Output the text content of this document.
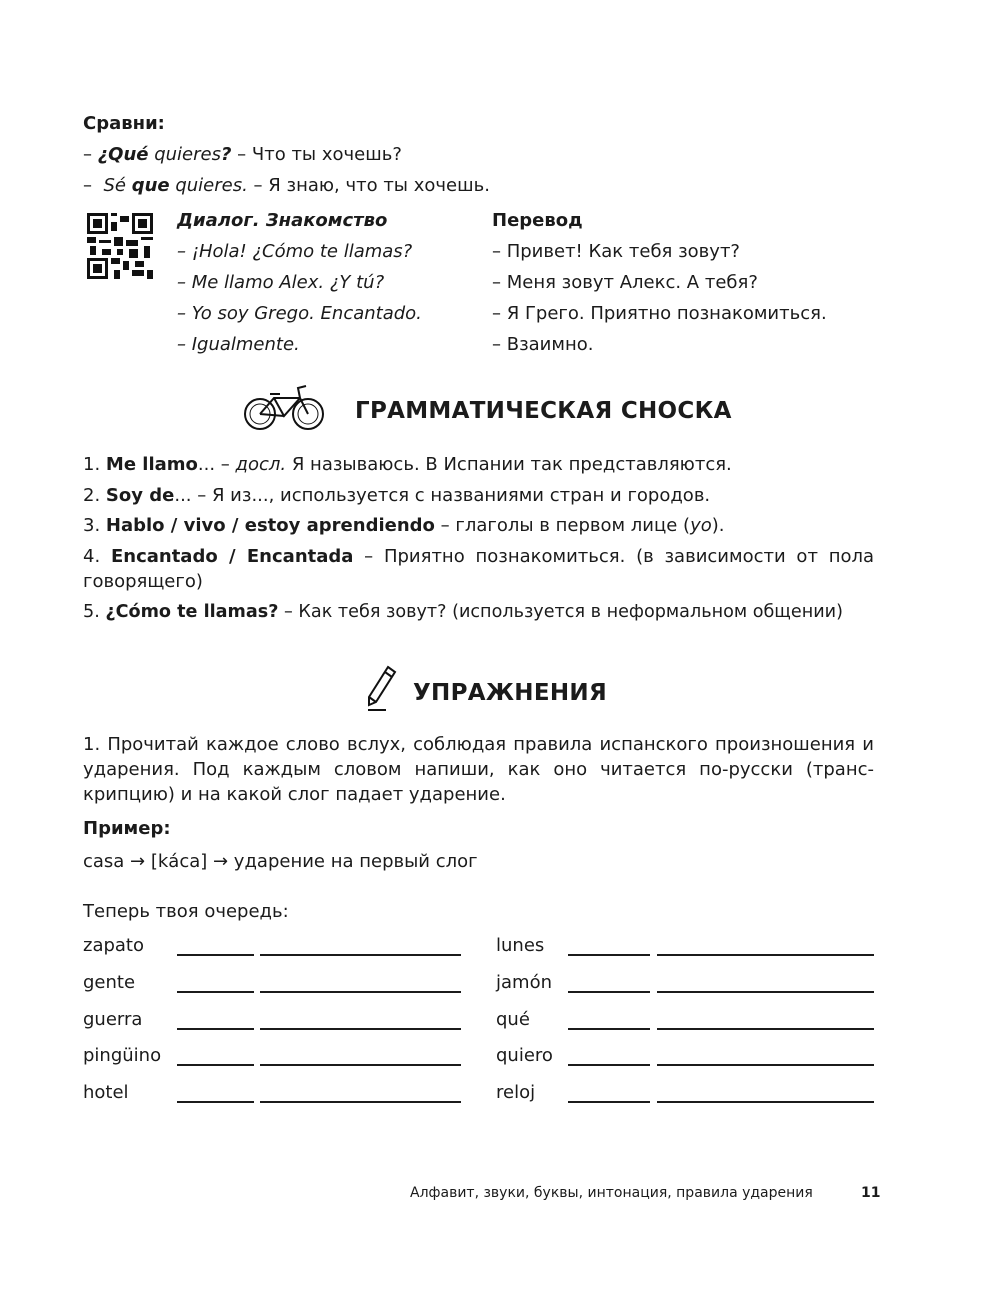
Сравни:
– ¿Qué quieres? – Что ты хочешь?
– Sé que quieres. – Я знаю, что ты хочешь.
Диалог. Знакомство	Перевод
– ¡Hola! ¿Cómo te llamas?
– Me llamo Alex. ¿Y tú?
– Yo soy Grego. Encantado.
– Igualmente.
– Привет! Как тебя зовут?
– Меня зовут Алекс. А тебя?
– Я Грего. Приятно познакомиться.
– Взаимно.
ГРАММАТИЧЕСКАЯ СНОСКА
1. Me llamo... – досл. Я называюсь. В Испании так представляются.
2. Soy de... – Я из..., используется с названиями стран и городов.
3. Hablo / vivo / estoy aprendiendo – глаголы в первом лице (yo).
4. Encantado / Encantada – Приятно познакомиться. (в зависимости от пола говорящего)
5. ¿Cómo te llamas? – Как тебя зовут? (используется в неформальном общении)
УПРАЖНЕНИЯ
1. Прочитай каждое слово вслух, соблюдая правила испанского произношения и ударения. Под каждым словом напиши, как оно читается по-русски (транскрипцию) и на какой слог падает ударение.
Пример:
casa → [kа́са] → ударение на первый слог
Теперь твоя очередь:
zapato
gente
guerra
pingüino
hotel
lunes
jamón
qué
quiero
reloj
Алфавит, звуки, буквы, интонация, правила ударения	11
